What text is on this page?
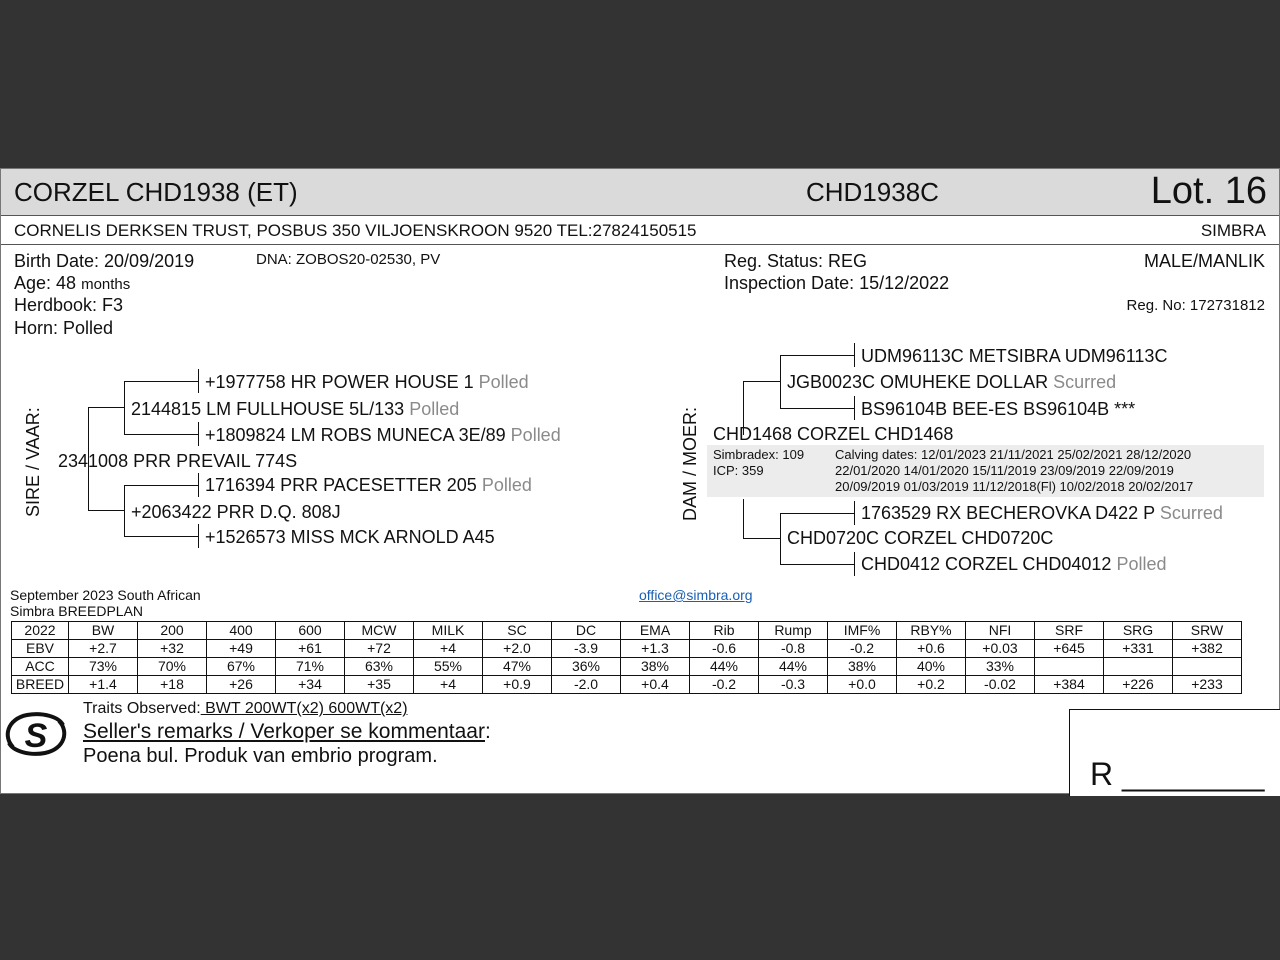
CORZEL CHD1938 (ET)	CHD1938C	Lot. 16
CORNELIS DERKSEN TRUST, POSBUS 350 VILJOENSKROON 9520 TEL:27824150515	SIMBRA
Birth Date: 20/09/2019	DNA: ZOBOS20-02530, PV
Age: 48 months
Herdbook: F3
Horn: Polled
Reg. Status: REG
Inspection Date: 15/12/2022
MALE/MANLIK
Reg. No: 172731812
SIRE / VAAR: 2341008 PRR PREVAIL 774S
2144815 LM FULLHOUSE 5L/133 Polled
+1977758 HR POWER HOUSE 1 Polled
+1809824 LM ROBS MUNECA 3E/89 Polled
+2063422 PRR D.Q. 808J
1716394 PRR PACESETTER 205 Polled
+1526573 MISS MCK ARNOLD A45
DAM / MOER:
UDM96113C METSIBRA UDM96113C
JGB0023C OMUHEKE DOLLAR Scurred
BS96104B BEE-ES BS96104B ***
CHD1468 CORZEL CHD1468
Simbradex: 109
ICP: 359
Calving dates: 12/01/2023 21/11/2021 25/02/2021 28/12/2020
22/01/2020 14/01/2020 15/11/2019 23/09/2019 22/09/2019
20/09/2019 01/03/2019 11/12/2018(Fl) 10/02/2018 20/02/2017
1763529 RX BECHEROVKA D422 P Scurred
CHD0720C CORZEL CHD0720C
CHD0412 CORZEL CHD04012 Polled
September 2023 South African
Simbra BREEDPLAN
office@simbra.org
2022	BW	200	400	600	MCW	MILK	SC	DC	EMA	Rib	Rump	IMF%	RBY%	NFI	SRF	SRG	SRW
EBV	+2.7	+32	+49	+61	+72	+4	+2.0	-3.9	+1.3	-0.6	-0.8	-0.2	+0.6	+0.03	+645	+331	+382
ACC	73%	70%	67%	71%	63%	55%	47%	36%	38%	44%	44%	38%	40%	33%			
BREED	+1.4	+18	+26	+34	+35	+4	+0.9	-2.0	+0.4	-0.2	-0.3	+0.0	+0.2	-0.02	+384	+226	+233
S
Traits Observed: BWT 200WT(x2) 600WT(x2)
Seller's remarks / Verkoper se kommentaar:
Poena bul. Produk van embrio program.	R ________
